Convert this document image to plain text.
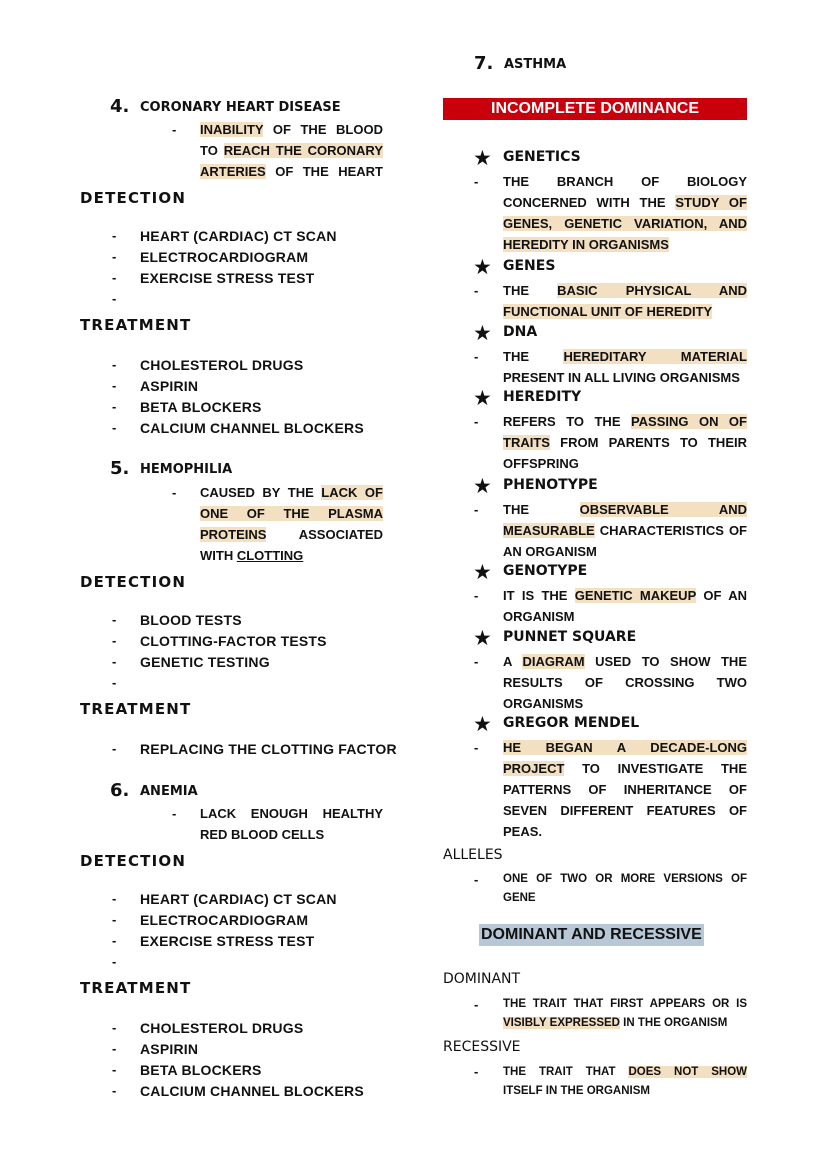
4. CORONARY HEART DISEASE
- INABILITY OF THE BLOOD
TO REACH THE CORONARY
ARTERIES OF THE HEART
DETECTION
- HEART (CARDIAC) CT SCAN
- ELECTROCARDIOGRAM
- EXERCISE STRESS TEST
-
TREATMENT
- CHOLESTEROL DRUGS
- ASPIRIN
- BETA BLOCKERS
- CALCIUM CHANNEL BLOCKERS
5. HEMOPHILIA
- CAUSED BY THE LACK OF
ONE OF THE PLASMA
PROTEINS ASSOCIATED
WITH CLOTTING
DETECTION
- BLOOD TESTS
- CLOTTING-FACTOR TESTS
- GENETIC TESTING
-
TREATMENT
- REPLACING THE CLOTTING FACTOR
6. ANEMIA
- LACK ENOUGH HEALTHY
RED BLOOD CELLS
DETECTION
- HEART (CARDIAC) CT SCAN
- ELECTROCARDIOGRAM
- EXERCISE STRESS TEST
-
TREATMENT
- CHOLESTEROL DRUGS
- ASPIRIN
- BETA BLOCKERS
- CALCIUM CHANNEL BLOCKERS
7. ASTHMA
INCOMPLETE DOMINANCE
★ GENETICS
- THE BRANCH OF BIOLOGY
CONCERNED WITH THE STUDY OF
GENES, GENETIC VARIATION, AND
HEREDITY IN ORGANISMS
★ GENES
- THE BASIC PHYSICAL AND
FUNCTIONAL UNIT OF HEREDITY
★ DNA
- THE HEREDITARY MATERIAL
PRESENT IN ALL LIVING ORGANISMS
★ HEREDITY
- REFERS TO THE PASSING ON OF
TRAITS FROM PARENTS TO THEIR
OFFSPRING
★ PHENOTYPE
- THE OBSERVABLE AND
MEASURABLE CHARACTERISTICS OF
AN ORGANISM
★ GENOTYPE
- IT IS THE GENETIC MAKEUP OF AN
ORGANISM
★ PUNNET SQUARE
- A DIAGRAM USED TO SHOW THE
RESULTS OF CROSSING TWO
ORGANISMS
★ GREGOR MENDEL
- HE BEGAN A DECADE-LONG
PROJECT TO INVESTIGATE THE
PATTERNS OF INHERITANCE OF
SEVEN DIFFERENT FEATURES OF
PEAS.
ALLELES
- ONE OF TWO OR MORE VERSIONS OF
GENE
DOMINANT AND RECESSIVE
DOMINANT
- THE TRAIT THAT FIRST APPEARS OR IS
VISIBLY EXPRESSED IN THE ORGANISM
RECESSIVE
- THE TRAIT THAT DOES NOT SHOW
ITSELF IN THE ORGANISM
